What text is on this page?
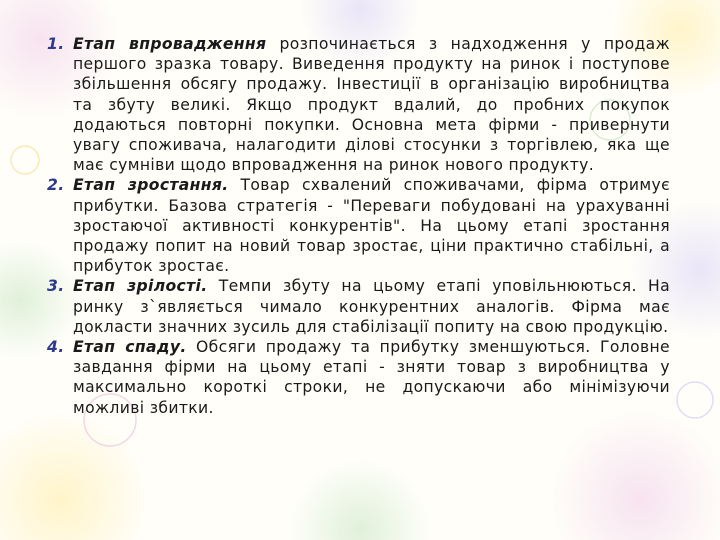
1. Етап впровадження розпочинається з надходження у продаж першого зразка товару. Виведення продукту на ринок і поступове збільшення обсягу продажу. Інвестиції в організацію виробництва та збуту великі. Якщо продукт вдалий, до пробних покупок додаються повторні покупки. Основна мета фірми - привернути увагу споживача, налагодити ділові стосунки з торгівлею, яка ще має сумніви щодо впровадження на ринок нового продукту.
2. Етап зростання. Товар схвалений споживачами, фірма отримує прибутки. Базова стратегія - "Переваги побудовані на урахуванні зростаючої активності конкурентів". На цьому етапі зростання продажу попит на новий товар зростає, ціни практично стабільні, а прибуток зростає.
3. Етап зрілості. Темпи збуту на цьому етапі уповільнюються. На ринку з`являється чимало конкурентних аналогів. Фірма має докласти значних зусиль для стабілізації попиту на свою продукцію.
4. Етап спаду. Обсяги продажу та прибутку зменшуються. Головне завдання фірми на цьому етапі - зняти товар з виробництва у максимально короткі строки, не допускаючи або мінімізуючи можливі збитки.
